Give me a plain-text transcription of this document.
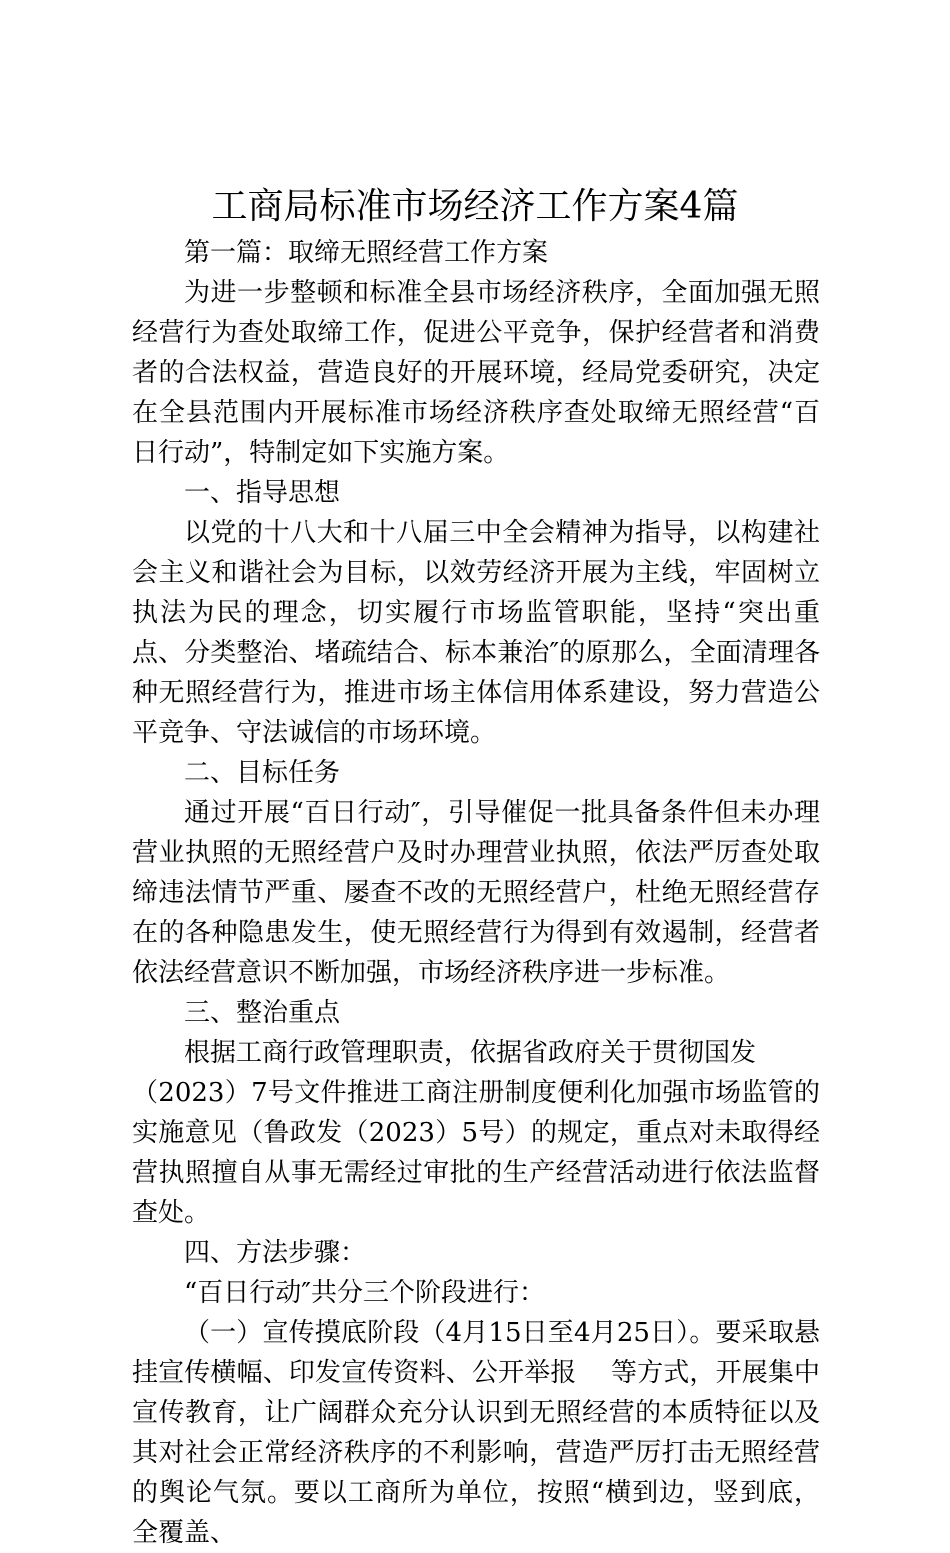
工商局标准市场经济工作方案4篇

第一篇：取缔无照经营工作方案

为进一步整顿和标准全县市场经济秩序，全面加强无照经营行为查处取缔工作，促进公平竞争，保护经营者和消费者的合法权益，营造良好的开展环境，经局党委研究，决定在全县范围内开展标准市场经济秩序查处取缔无照经营“百日行动”，特制定如下实施方案。

一、指导思想

以党的十八大和十八届三中全会精神为指导，以构建社会主义和谐社会为目标，以效劳经济开展为主线，牢固树立执法为民的理念，切实履行市场监管职能，坚持“突出重点、分类整治、堵疏结合、标本兼治″的原那么，全面清理各种无照经营行为，推进市场主体信用体系建设，努力营造公平竞争、守法诚信的市场环境。

二、目标任务

通过开展“百日行动″，引导催促一批具备条件但未办理营业执照的无照经营户及时办理营业执照，依法严厉查处取缔违法情节严重、屡查不改的无照经营户，杜绝无照经营存在的各种隐患发生，使无照经营行为得到有效遏制，经营者依法经营意识不断加强，市场经济秩序进一步标准。

三、整治重点

根据工商行政管理职责，依据省政府关于贯彻国发

（2023）7号文件推进工商注册制度便利化加强市场监管的实施意见（鲁政发（2023）5号）的规定，重点对未取得经营执照擅自从事无需经过审批的生产经营活动进行依法监督查处。

四、方法步骤：

“百日行动″共分三个阶段进行：

（一）宣传摸底阶段（4月15日至4月25日）。要采取悬挂宣传横幅、印发宣传资料、公开举报　 等方式，开展集中宣传教育，让广阔群众充分认识到无照经营的本质特征以及其对社会正常经济秩序的不利影响，营造严厉打击无照经营的舆论气氛。要以工商所为单位，按照“横到边，竖到底，全覆盖、
